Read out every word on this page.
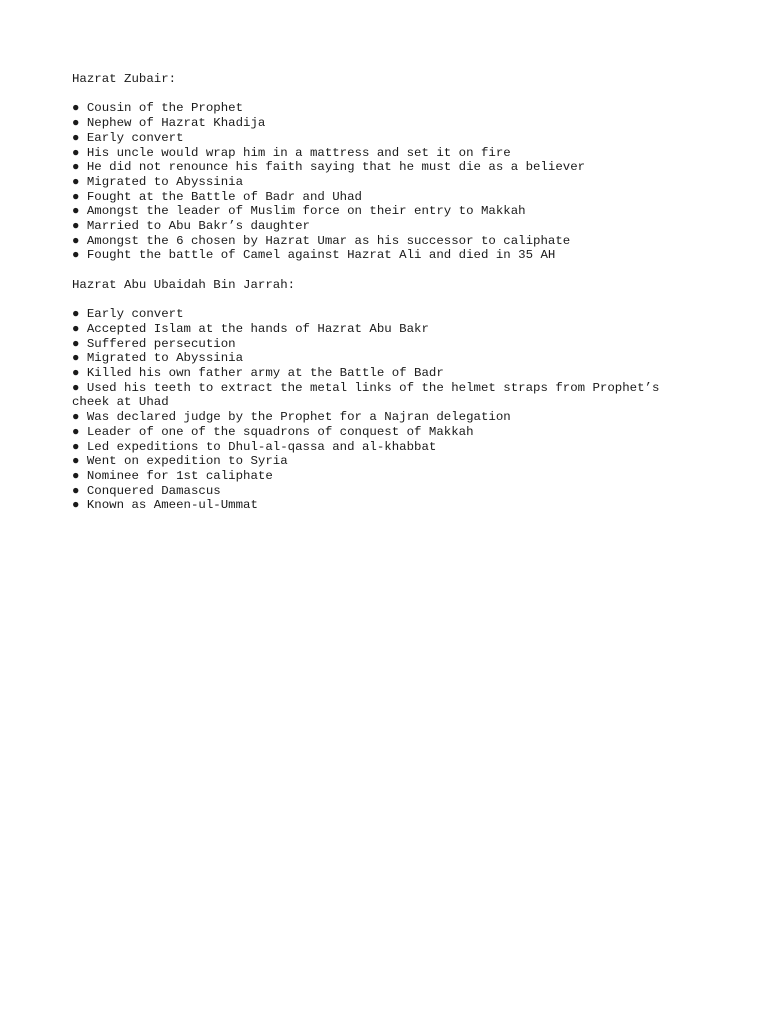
Hazrat Zubair:

● Cousin of the Prophet
● Nephew of Hazrat Khadija
● Early convert
● His uncle would wrap him in a mattress and set it on fire
● He did not renounce his faith saying that he must die as a believer
● Migrated to Abyssinia
● Fought at the Battle of Badr and Uhad
● Amongst the leader of Muslim force on their entry to Makkah
● Married to Abu Bakr’s daughter
● Amongst the 6 chosen by Hazrat Umar as his successor to caliphate
● Fought the battle of Camel against Hazrat Ali and died in 35 AH

Hazrat Abu Ubaidah Bin Jarrah:

● Early convert
● Accepted Islam at the hands of Hazrat Abu Bakr
● Suffered persecution
● Migrated to Abyssinia
● Killed his own father army at the Battle of Badr
● Used his teeth to extract the metal links of the helmet straps from Prophet’s cheek at Uhad
● Was declared judge by the Prophet for a Najran delegation
● Leader of one of the squadrons of conquest of Makkah
● Led expeditions to Dhul-al-qassa and al-khabbat
● Went on expedition to Syria
● Nominee for 1st caliphate
● Conquered Damascus
● Known as Ameen-ul-Ummat
